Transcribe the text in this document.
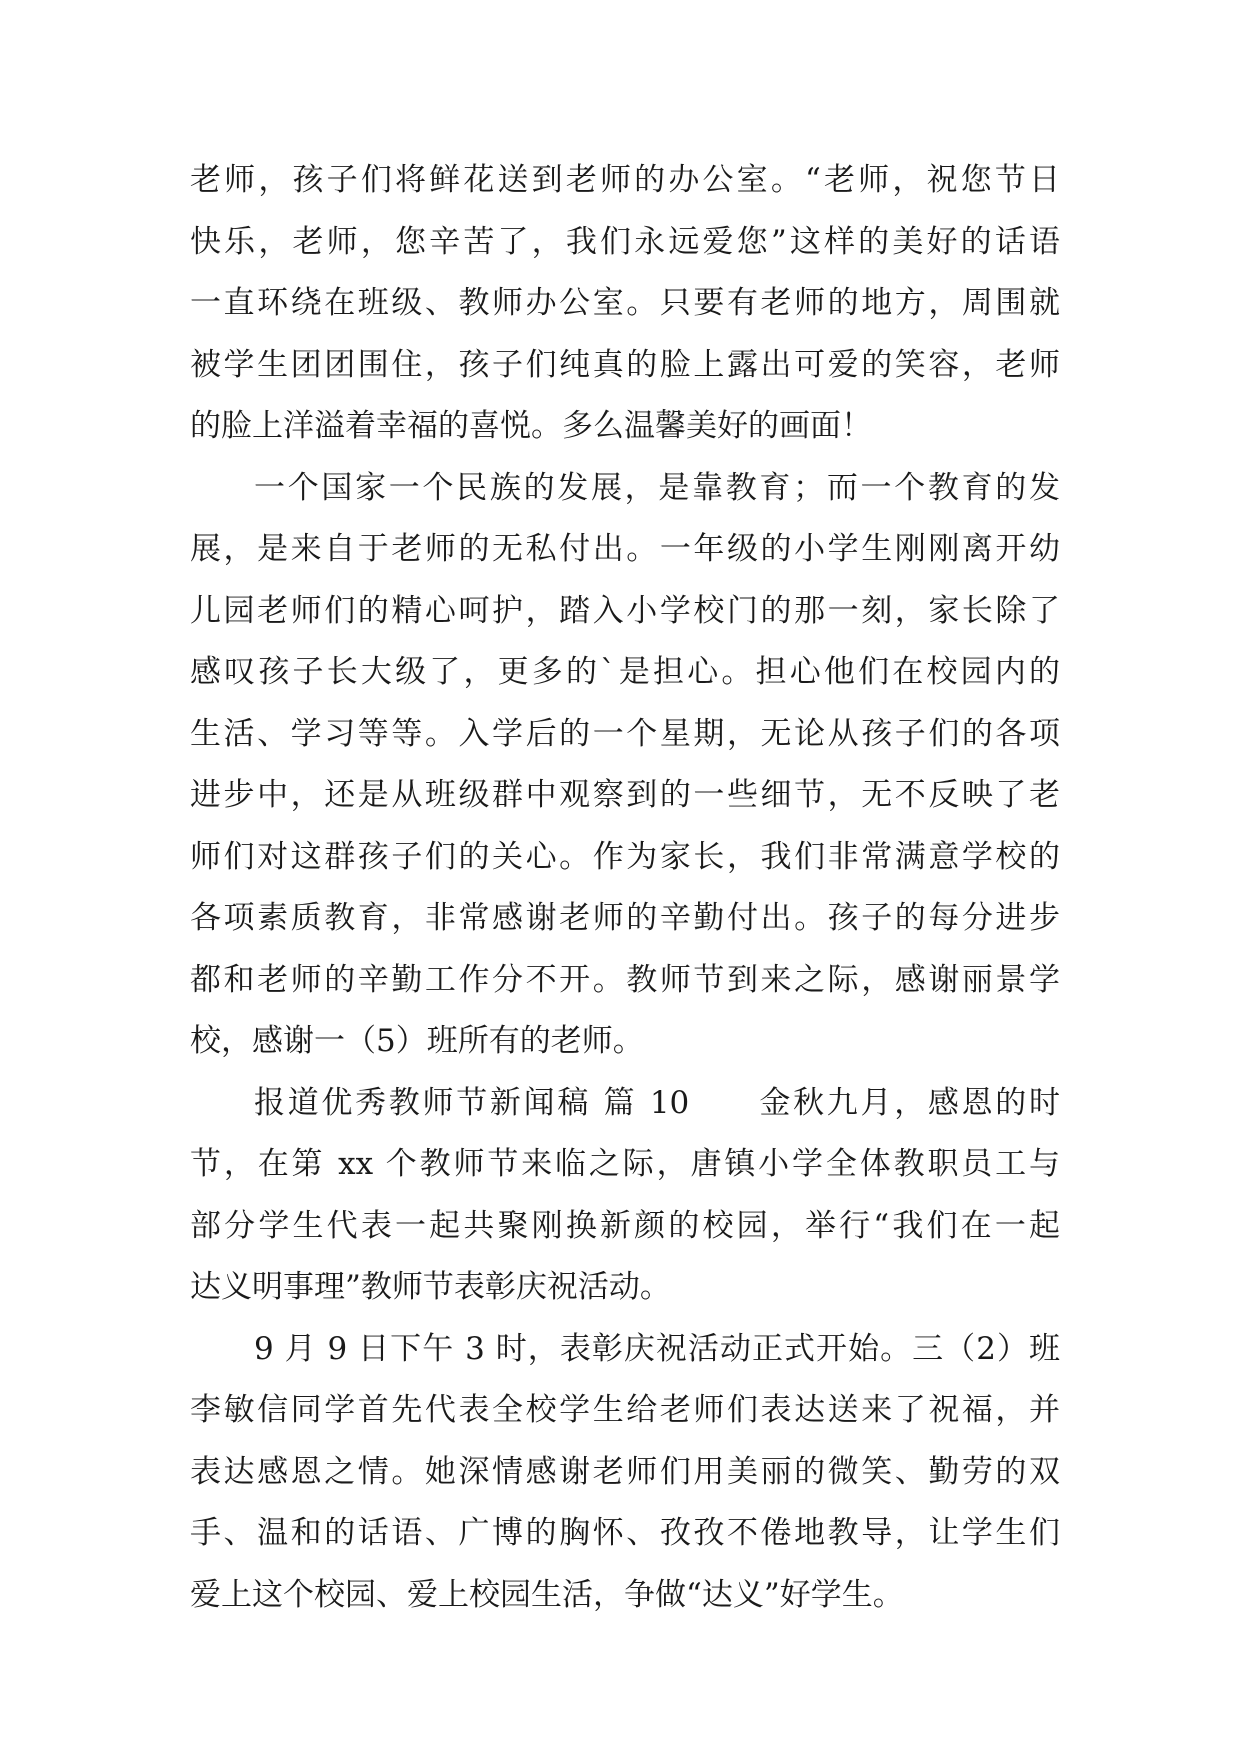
老师，孩子们将鲜花送到老师的办公室。“老师，祝您节日
快乐，老师，您辛苦了，我们永远爱您”这样的美好的话语
一直环绕在班级、教师办公室。只要有老师的地方，周围就
被学生团团围住，孩子们纯真的脸上露出可爱的笑容，老师
的脸上洋溢着幸福的喜悦。多么温馨美好的画面！
一个国家一个民族的发展，是靠教育；而一个教育的发
展，是来自于老师的无私付出。一年级的小学生刚刚离开幼
儿园老师们的精心呵护，踏入小学校门的那一刻，家长除了
感叹孩子长大级了，更多的`是担心。担心他们在校园内的
生活、学习等等。入学后的一个星期，无论从孩子们的各项
进步中，还是从班级群中观察到的一些细节，无不反映了老
师们对这群孩子们的关心。作为家长，我们非常满意学校的
各项素质教育，非常感谢老师的辛勤付出。孩子的每分进步
都和老师的辛勤工作分不开。教师节到来之际，感谢丽景学
校，感谢一（5）班所有的老师。
报道优秀教师节新闻稿 篇 10　　金秋九月，感恩的时
节，在第 xx 个教师节来临之际，唐镇小学全体教职员工与
部分学生代表一起共聚刚换新颜的校园，举行“我们在一起
达义明事理”教师节表彰庆祝活动。
9 月 9 日下午 3 时，表彰庆祝活动正式开始。三（2）班
李敏信同学首先代表全校学生给老师们表达送来了祝福，并
表达感恩之情。她深情感谢老师们用美丽的微笑、勤劳的双
手、温和的话语、广博的胸怀、孜孜不倦地教导，让学生们
爱上这个校园、爱上校园生活，争做“达义”好学生。
